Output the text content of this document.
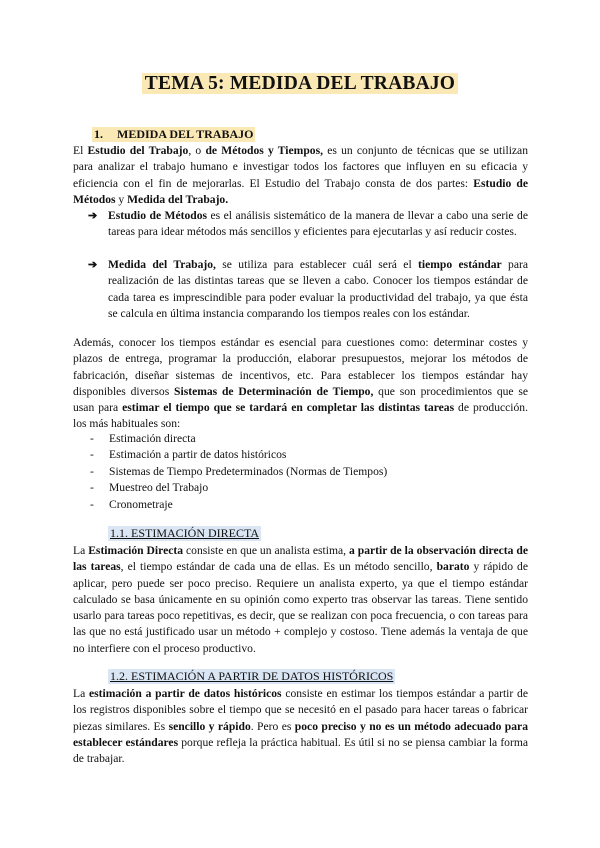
TEMA 5: MEDIDA DEL TRABAJO
1. MEDIDA DEL TRABAJO
El Estudio del Trabajo, o de Métodos y Tiempos, es un conjunto de técnicas que se utilizan para analizar el trabajo humano e investigar todos los factores que influyen en su eficacia y eficiencia con el fin de mejorarlas. El Estudio del Trabajo consta de dos partes: Estudio de Métodos y Medida del Trabajo.
➔ Estudio de Métodos es el análisis sistemático de la manera de llevar a cabo una serie de tareas para idear métodos más sencillos y eficientes para ejecutarlas y así reducir costes.
➔ Medida del Trabajo, se utiliza para establecer cuál será el tiempo estándar para realización de las distintas tareas que se lleven a cabo. Conocer los tiempos estándar de cada tarea es imprescindible para poder evaluar la productividad del trabajo, ya que ésta se calcula en última instancia comparando los tiempos reales con los estándar.
Además, conocer los tiempos estándar es esencial para cuestiones como: determinar costes y plazos de entrega, programar la producción, elaborar presupuestos, mejorar los métodos de fabricación, diseñar sistemas de incentivos, etc. Para establecer los tiempos estándar hay disponibles diversos Sistemas de Determinación de Tiempo, que son procedimientos que se usan para estimar el tiempo que se tardará en completar las distintas tareas de producción. los más habituales son:
- Estimación directa
- Estimación a partir de datos históricos
- Sistemas de Tiempo Predeterminados (Normas de Tiempos)
- Muestreo del Trabajo
- Cronometraje
1.1. ESTIMACIÓN DIRECTA
La Estimación Directa consiste en que un analista estima, a partir de la observación directa de las tareas, el tiempo estándar de cada una de ellas. Es un método sencillo, barato y rápido de aplicar, pero puede ser poco preciso. Requiere un analista experto, ya que el tiempo estándar calculado se basa únicamente en su opinión como experto tras observar las tareas. Tiene sentido usarlo para tareas poco repetitivas, es decir, que se realizan con poca frecuencia, o con tareas para las que no está justificado usar un método + complejo y costoso. Tiene además la ventaja de que no interfiere con el proceso productivo.
1.2. ESTIMACIÓN A PARTIR DE DATOS HISTÓRICOS
La estimación a partir de datos históricos consiste en estimar los tiempos estándar a partir de los registros disponibles sobre el tiempo que se necesitó en el pasado para hacer tareas o fabricar piezas similares. Es sencillo y rápido. Pero es poco preciso y no es un método adecuado para establecer estándares porque refleja la práctica habitual. Es útil si no se piensa cambiar la forma de trabajar.
